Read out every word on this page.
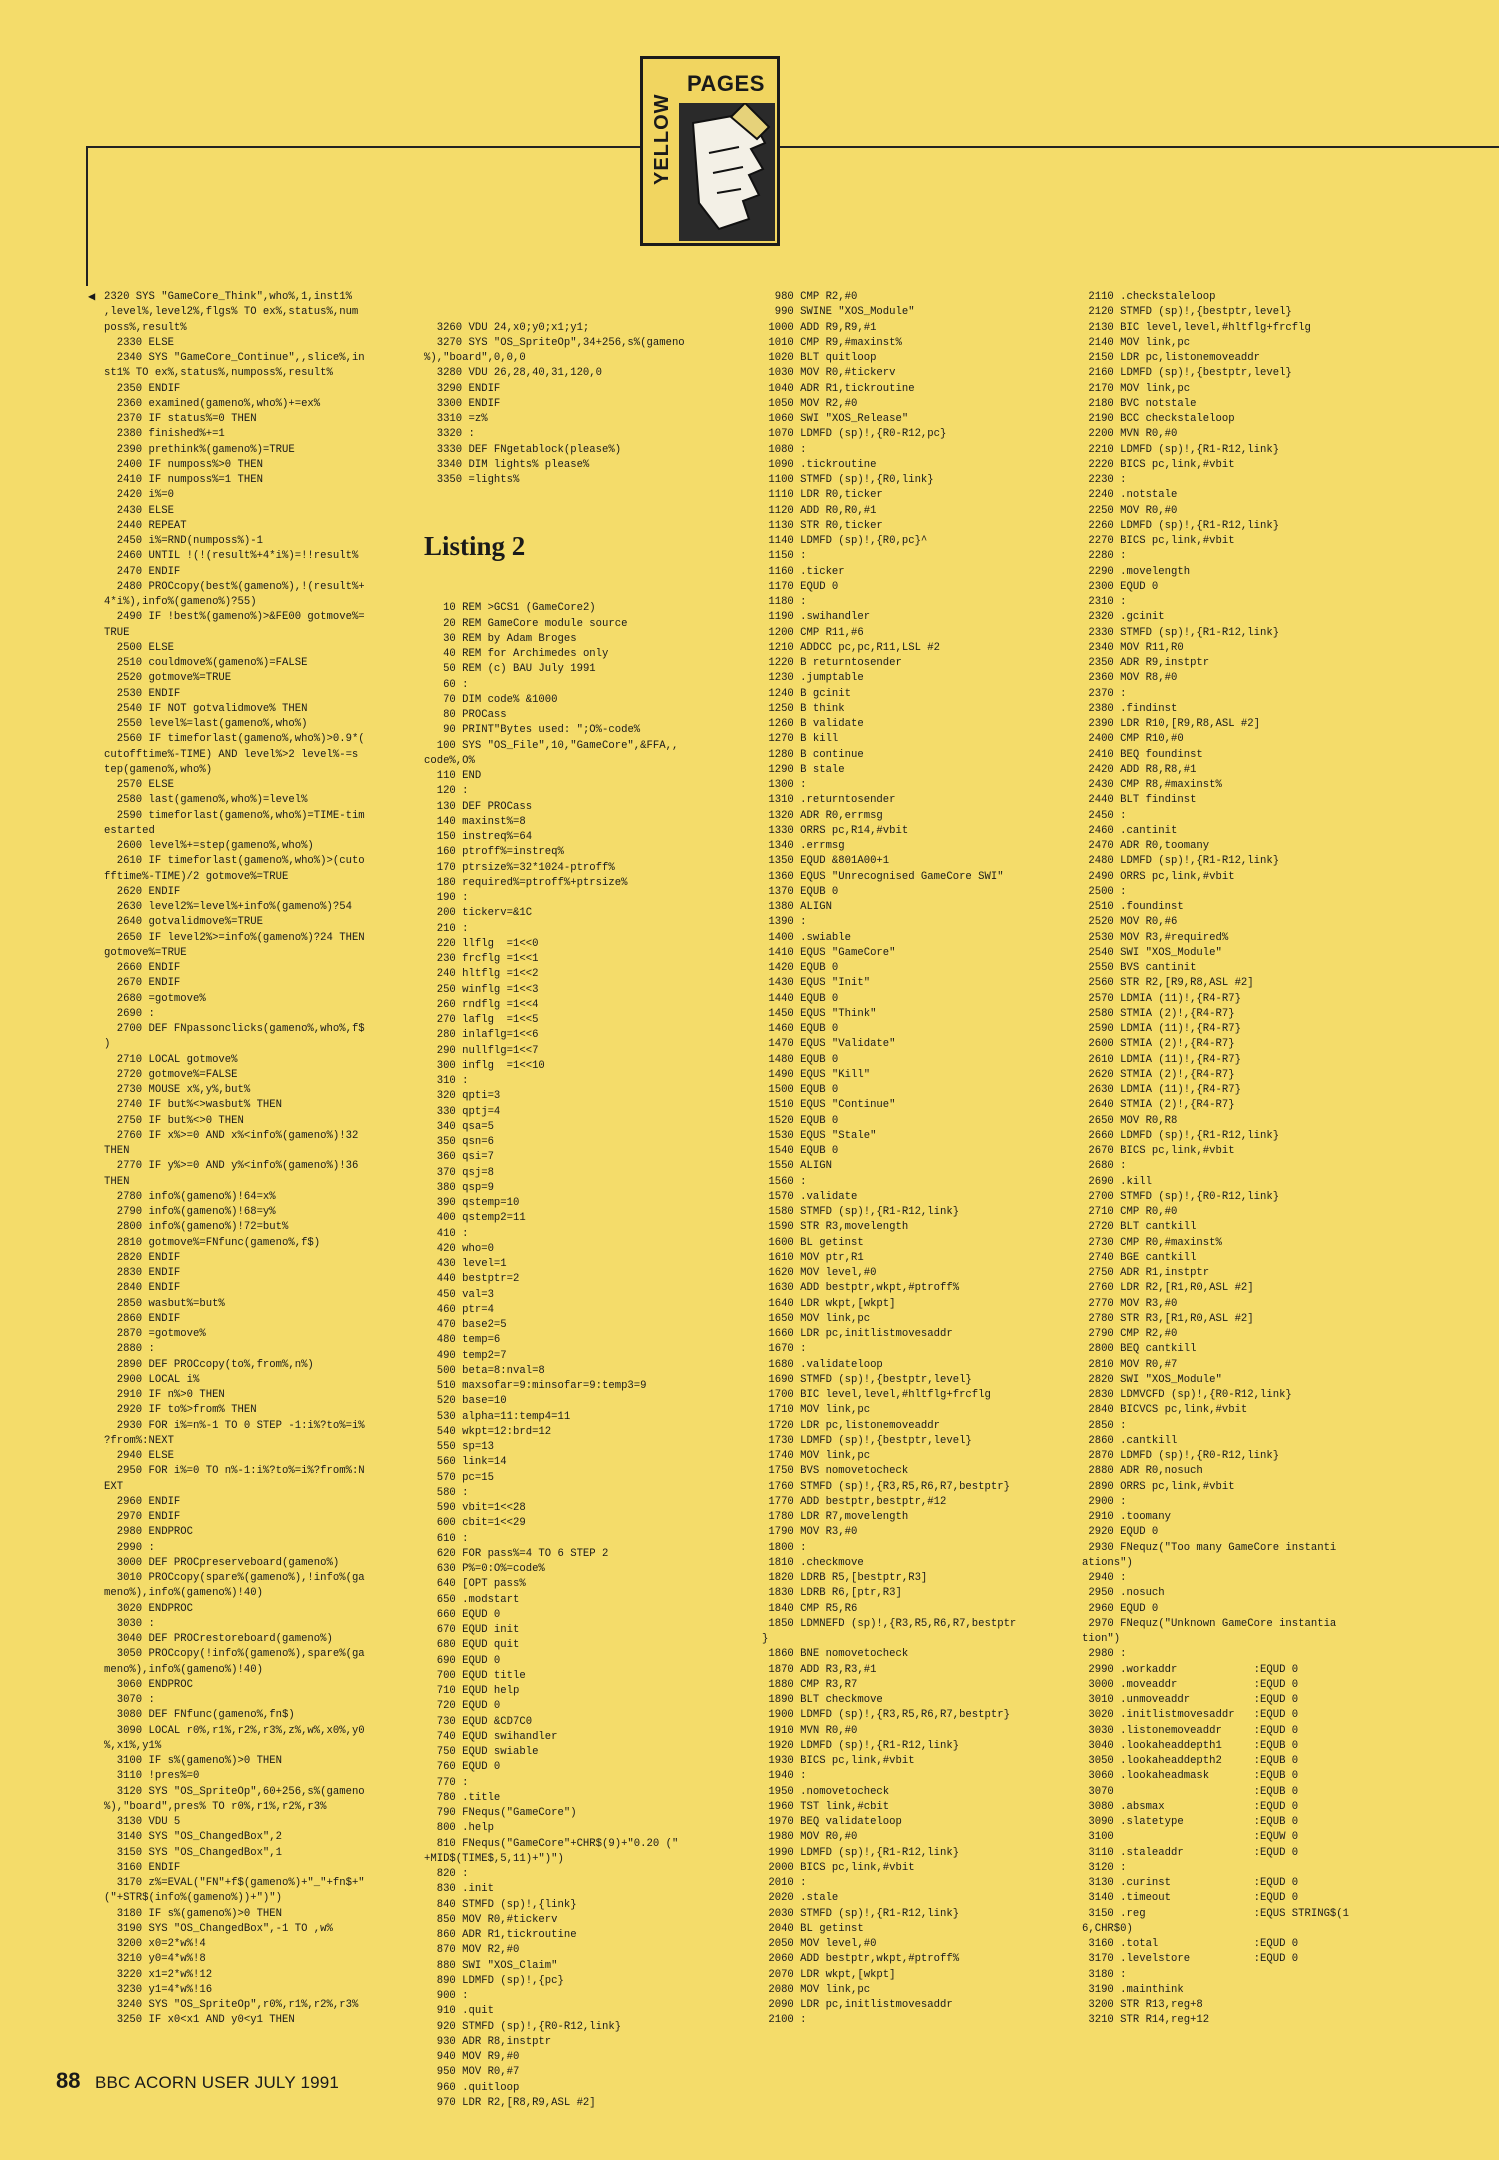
PAGES
YELLOW
◀ 2320 SYS "GameCore_Think",who%,1,inst1%
,level%,level2%,flgs% TO ex%,status%,num
poss%,result%
2330 ELSE
2340 SYS "GameCore_Continue",,slice%,in
st1% TO ex%,status%,numposs%,result%
2350 ENDIF
2360 examined(gameno%,who%)+=ex%
2370 IF status%=0 THEN
2380 finished%+=1
2390 prethink%(gameno%)=TRUE
2400 IF numposs%>0 THEN
2410 IF numposs%=1 THEN
2420 i%=0
2430 ELSE
2440 REPEAT
2450 i%=RND(numposs%)-1
2460 UNTIL !(!(result%+4*i%)=!!result%
2470 ENDIF
2480 PROCcopy(best%(gameno%),!(result%+
4*i%),info%(gameno%)?55)
2490 IF !best%(gameno%)>&FE00 gotmove%=
TRUE
2500 ELSE
2510 couldmove%(gameno%)=FALSE
2520 gotmove%=TRUE
2530 ENDIF
2540 IF NOT gotvalidmove% THEN
2550 level%=last(gameno%,who%)
2560 IF timeforlast(gameno%,who%)>0.9*(
cutofftime%-TIME) AND level%>2 level%-=s
tep(gameno%,who%)
2570 ELSE
2580 last(gameno%,who%)=level%
2590 timeforlast(gameno%,who%)=TIME-tim
estarted
2600 level%+=step(gameno%,who%)
2610 IF timeforlast(gameno%,who%)>(cuto
fftime%-TIME)/2 gotmove%=TRUE
2620 ENDIF
2630 level2%=level%+info%(gameno%)?54
2640 gotvalidmove%=TRUE
2650 IF level2%>=info%(gameno%)?24 THEN
gotmove%=TRUE
2660 ENDIF
2670 ENDIF
2680 =gotmove%
2690 :
2700 DEF FNpassonclicks(gameno%,who%,f$
)
2710 LOCAL gotmove%
2720 gotmove%=FALSE
2730 MOUSE x%,y%,but%
2740 IF but%<>wasbut% THEN
2750 IF but%<>0 THEN
2760 IF x%>=0 AND x%<info%(gameno%)!32
THEN
2770 IF y%>=0 AND y%<info%(gameno%)!36
THEN
2780 info%(gameno%)!64=x%
2790 info%(gameno%)!68=y%
2800 info%(gameno%)!72=but%
2810 gotmove%=FNfunc(gameno%,f$)
2820 ENDIF
2830 ENDIF
2840 ENDIF
2850 wasbut%=but%
2860 ENDIF
2870 =gotmove%
2880 :
2890 DEF PROCcopy(to%,from%,n%)
2900 LOCAL i%
2910 IF n%>0 THEN
2920 IF to%>from% THEN
2930 FOR i%=n%-1 TO 0 STEP -1:i%?to%=i%
?from%:NEXT
2940 ELSE
2950 FOR i%=0 TO n%-1:i%?to%=i%?from%:N
EXT
2960 ENDIF
2970 ENDIF
2980 ENDPROC
2990 :
3000 DEF PROCpreserveboard(gameno%)
3010 PROCcopy(spare%(gameno%),!info%(ga
meno%),info%(gameno%)!40)
3020 ENDPROC
3030 :
3040 DEF PROCrestoreboard(gameno%)
3050 PROCcopy(!info%(gameno%),spare%(ga
meno%),info%(gameno%)!40)
3060 ENDPROC
3070 :
3080 DEF FNfunc(gameno%,fn$)
3090 LOCAL r0%,r1%,r2%,r3%,z%,w%,x0%,y0
%,x1%,y1%
3100 IF s%(gameno%)>0 THEN
3110 !pres%=0
3120 SYS "OS_SpriteOp",60+256,s%(gameno
%),"board",pres% TO r0%,r1%,r2%,r3%
3130 VDU 5
3140 SYS "OS_ChangedBox",2
3150 SYS "OS_ChangedBox",1
3160 ENDIF
3170 z%=EVAL("FN"+f$(gameno%)+"_"+fn$+"
("+STR$(info%(gameno%))+")")
3180 IF s%(gameno%)>0 THEN
3190 SYS "OS_ChangedBox",-1 TO ,w%
3200 x0=2*w%!4
3210 y0=4*w%!8
3220 x1=2*w%!12
3230 y1=4*w%!16
3240 SYS "OS_SpriteOp",r0%,r1%,r2%,r3%
3250 IF x0<x1 AND y0<y1 THEN

3260 VDU 24,x0;y0;x1;y1;
3270 SYS "OS_SpriteOp",34+256,s%(gameno
%),"board",0,0,0
3280 VDU 26,28,40,31,120,0
3290 ENDIF
3300 ENDIF
3310 =z%
3320 :
3330 DEF FNgetablock(please%)
3340 DIM lights% please%
3350 =lights%

Listing 2

10 REM >GCS1 (GameCore2)
20 REM GameCore module source
30 REM by Adam Broges
40 REM for Archimedes only
50 REM (c) BAU July 1991
60 :
70 DIM code% &1000
80 PROCass
90 PRINT"Bytes used: ";O%-code%
100 SYS "OS_File",10,"GameCore",&FFA,,
code%,O%
110 END
120 :
130 DEF PROCass
140 maxinst%=8
150 instreq%=64
160 ptroff%=instreq%
170 ptrsize%=32*1024-ptroff%
180 required%=ptroff%+ptrsize%
190 :
200 tickerv=&1C
210 :
220 llflg  =1<<0
230 frcflg =1<<1
240 hltflg =1<<2
250 winflg =1<<3
260 rndflg =1<<4
270 laflg  =1<<5
280 inlaflg=1<<6
290 nullflg=1<<7
300 inflg  =1<<10
310 :
320 qpti=3
330 qptj=4
340 qsa=5
350 qsn=6
360 qsi=7
370 qsj=8
380 qsp=9
390 qstemp=10
400 qstemp2=11
410 :
420 who=0
430 level=1
440 bestptr=2
450 val=3
460 ptr=4
470 base2=5
480 temp=6
490 temp2=7
500 beta=8:nval=8
510 maxsofar=9:minsofar=9:temp3=9
520 base=10
530 alpha=11:temp4=11
540 wkpt=12:brd=12
550 sp=13
560 link=14
570 pc=15
580 :
590 vbit=1<<28
600 cbit=1<<29
610 :
620 FOR pass%=4 TO 6 STEP 2
630 P%=0:O%=code%
640 [OPT pass%
650 .modstart
660 EQUD 0
670 EQUD init
680 EQUD quit
690 EQUD 0
700 EQUD title
710 EQUD help
720 EQUD 0
730 EQUD &CD7C0
740 EQUD swihandler
750 EQUD swiable
760 EQUD 0
770 :
780 .title
790 FNequs("GameCore")
800 .help
810 FNequs("GameCore"+CHR$(9)+"0.20 ("
+MID$(TIME$,5,11)+")")
820 :
830 .init
840 STMFD (sp)!,{link}
850 MOV R0,#tickerv
860 ADR R1,tickroutine
870 MOV R2,#0
880 SWI "XOS_Claim"
890 LDMFD (sp)!,{pc}
900 :
910 .quit
920 STMFD (sp)!,{R0-R12,link}
930 ADR R8,instptr
940 MOV R9,#0
950 MOV R0,#7
960 .quitloop
970 LDR R2,[R8,R9,ASL #2]

980 CMP R2,#0
990 SWINE "XOS_Module"
1000 ADD R9,R9,#1
1010 CMP R9,#maxinst%
1020 BLT quitloop
1030 MOV R0,#tickerv
1040 ADR R1,tickroutine
1050 MOV R2,#0
1060 SWI "XOS_Release"
1070 LDMFD (sp)!,{R0-R12,pc}
1080 :
1090 .tickroutine
1100 STMFD (sp)!,{R0,link}
1110 LDR R0,ticker
1120 ADD R0,R0,#1
1130 STR R0,ticker
1140 LDMFD (sp)!,{R0,pc}^
1150 :
1160 .ticker
1170 EQUD 0
1180 :
1190 .swihandler
1200 CMP R11,#6
1210 ADDCC pc,pc,R11,LSL #2
1220 B returntosender
1230 .jumptable
1240 B gcinit
1250 B think
1260 B validate
1270 B kill
1280 B continue
1290 B stale
1300 :
1310 .returntosender
1320 ADR R0,errmsg
1330 ORRS pc,R14,#vbit
1340 .errmsg
1350 EQUD &801A00+1
1360 EQUS "Unrecognised GameCore SWI"
1370 EQUB 0
1380 ALIGN
1390 :
1400 .swiable
1410 EQUS "GameCore"
1420 EQUB 0
1430 EQUS "Init"
1440 EQUB 0
1450 EQUS "Think"
1460 EQUB 0
1470 EQUS "Validate"
1480 EQUB 0
1490 EQUS "Kill"
1500 EQUB 0
1510 EQUS "Continue"
1520 EQUB 0
1530 EQUS "Stale"
1540 EQUB 0
1550 ALIGN
1560 :
1570 .validate
1580 STMFD (sp)!,{R1-R12,link}
1590 STR R3,movelength
1600 BL getinst
1610 MOV ptr,R1
1620 MOV level,#0
1630 ADD bestptr,wkpt,#ptroff%
1640 LDR wkpt,[wkpt]
1650 MOV link,pc
1660 LDR pc,initlistmovesaddr
1670 :
1680 .validateloop
1690 STMFD (sp)!,{bestptr,level}
1700 BIC level,level,#hltflg+frcflg
1710 MOV link,pc
1720 LDR pc,listonemoveaddr
1730 LDMFD (sp)!,{bestptr,level}
1740 MOV link,pc
1750 BVS nomovetocheck
1760 STMFD (sp)!,{R3,R5,R6,R7,bestptr}
1770 ADD bestptr,bestptr,#12
1780 LDR R7,movelength
1790 MOV R3,#0
1800 :
1810 .checkmove
1820 LDRB R5,[bestptr,R3]
1830 LDRB R6,[ptr,R3]
1840 CMP R5,R6
1850 LDMNEFD (sp)!,{R3,R5,R6,R7,bestptr
}
1860 BNE nomovetocheck
1870 ADD R3,R3,#1
1880 CMP R3,R7
1890 BLT checkmove
1900 LDMFD (sp)!,{R3,R5,R6,R7,bestptr}
1910 MVN R0,#0
1920 LDMFD (sp)!,{R1-R12,link}
1930 BICS pc,link,#vbit
1940 :
1950 .nomovetocheck
1960 TST link,#cbit
1970 BEQ validateloop
1980 MOV R0,#0
1990 LDMFD (sp)!,{R1-R12,link}
2000 BICS pc,link,#vbit
2010 :
2020 .stale
2030 STMFD (sp)!,{R1-R12,link}
2040 BL getinst
2050 MOV level,#0
2060 ADD bestptr,wkpt,#ptroff%
2070 LDR wkpt,[wkpt]
2080 MOV link,pc
2090 LDR pc,initlistmovesaddr
2100 :
2110 .checkstaleloop
2120 STMFD (sp)!,{bestptr,level}
2130 BIC level,level,#hltflg+frcflg
2140 MOV link,pc
2150 LDR pc,listonemoveaddr
2160 LDMFD (sp)!,{bestptr,level}
2170 MOV link,pc
2180 BVC notstale
2190 BCC checkstaleloop
2200 MVN R0,#0
2210 LDMFD (sp)!,{R1-R12,link}
2220 BICS pc,link,#vbit
2230 :
2240 .notstale
2250 MOV R0,#0
2260 LDMFD (sp)!,{R1-R12,link}
2270 BICS pc,link,#vbit
2280 :
2290 .movelength
2300 EQUD 0
2310 :
2320 .gcinit
2330 STMFD (sp)!,{R1-R12,link}
2340 MOV R11,R0
2350 ADR R9,instptr
2360 MOV R8,#0
2370 :
2380 .findinst
2390 LDR R10,[R9,R8,ASL #2]
2400 CMP R10,#0
2410 BEQ foundinst
2420 ADD R8,R8,#1
2430 CMP R8,#maxinst%
2440 BLT findinst
2450 :
2460 .cantinit
2470 ADR R0,toomany
2480 LDMFD (sp)!,{R1-R12,link}
2490 ORRS pc,link,#vbit
2500 :
2510 .foundinst
2520 MOV R0,#6
2530 MOV R3,#required%
2540 SWI "XOS_Module"
2550 BVS cantinit
2560 STR R2,[R9,R8,ASL #2]
2570 LDMIA (11)!,{R4-R7}
2580 STMIA (2)!,{R4-R7}
2590 LDMIA (11)!,{R4-R7}
2600 STMIA (2)!,{R4-R7}
2610 LDMIA (11)!,{R4-R7}
2620 STMIA (2)!,{R4-R7}
2630 LDMIA (11)!,{R4-R7}
2640 STMIA (2)!,{R4-R7}
2650 MOV R0,R8
2660 LDMFD (sp)!,{R1-R12,link}
2670 BICS pc,link,#vbit
2680 :
2690 .kill
2700 STMFD (sp)!,{R0-R12,link}
2710 CMP R0,#0
2720 BLT cantkill
2730 CMP R0,#maxinst%
2740 BGE cantkill
2750 ADR R1,instptr
2760 LDR R2,[R1,R0,ASL #2]
2770 MOV R3,#0
2780 STR R3,[R1,R0,ASL #2]
2790 CMP R2,#0
2800 BEQ cantkill
2810 MOV R0,#7
2820 SWI "XOS_Module"
2830 LDMVCFD (sp)!,{R0-R12,link}
2840 BICVCS pc,link,#vbit
2850 :
2860 .cantkill
2870 LDMFD (sp)!,{R0-R12,link}
2880 ADR R0,nosuch
2890 ORRS pc,link,#vbit
2900 :
2910 .toomany
2920 EQUD 0
2930 FNequz("Too many GameCore instanti
ations")
2940 :
2950 .nosuch
2960 EQUD 0
2970 FNequz("Unknown GameCore instantia
tion")
2980 :
2990 .workaddr            :EQUD 0
3000 .moveaddr            :EQUD 0
3010 .unmoveaddr          :EQUD 0
3020 .initlistmovesaddr   :EQUD 0
3030 .listonemoveaddr     :EQUD 0
3040 .lookaheaddepth1     :EQUB 0
3050 .lookaheaddepth2     :EQUB 0
3060 .lookaheadmask       :EQUB 0
3070                      :EQUB 0
3080 .absmax              :EQUD 0
3090 .slatetype           :EQUB 0
3100                      :EQUW 0
3110 .staleaddr           :EQUD 0
3120 :
3130 .curinst             :EQUD 0
3140 .timeout             :EQUD 0
3150 .reg                 :EQUS STRING$(1
6,CHR$0)
3160 .total               :EQUD 0
3170 .levelstore          :EQUD 0
3180 :
3190 .mainthink
3200 STR R13,reg+8
3210 STR R14,reg+12
88 BBC ACORN USER JULY 1991
